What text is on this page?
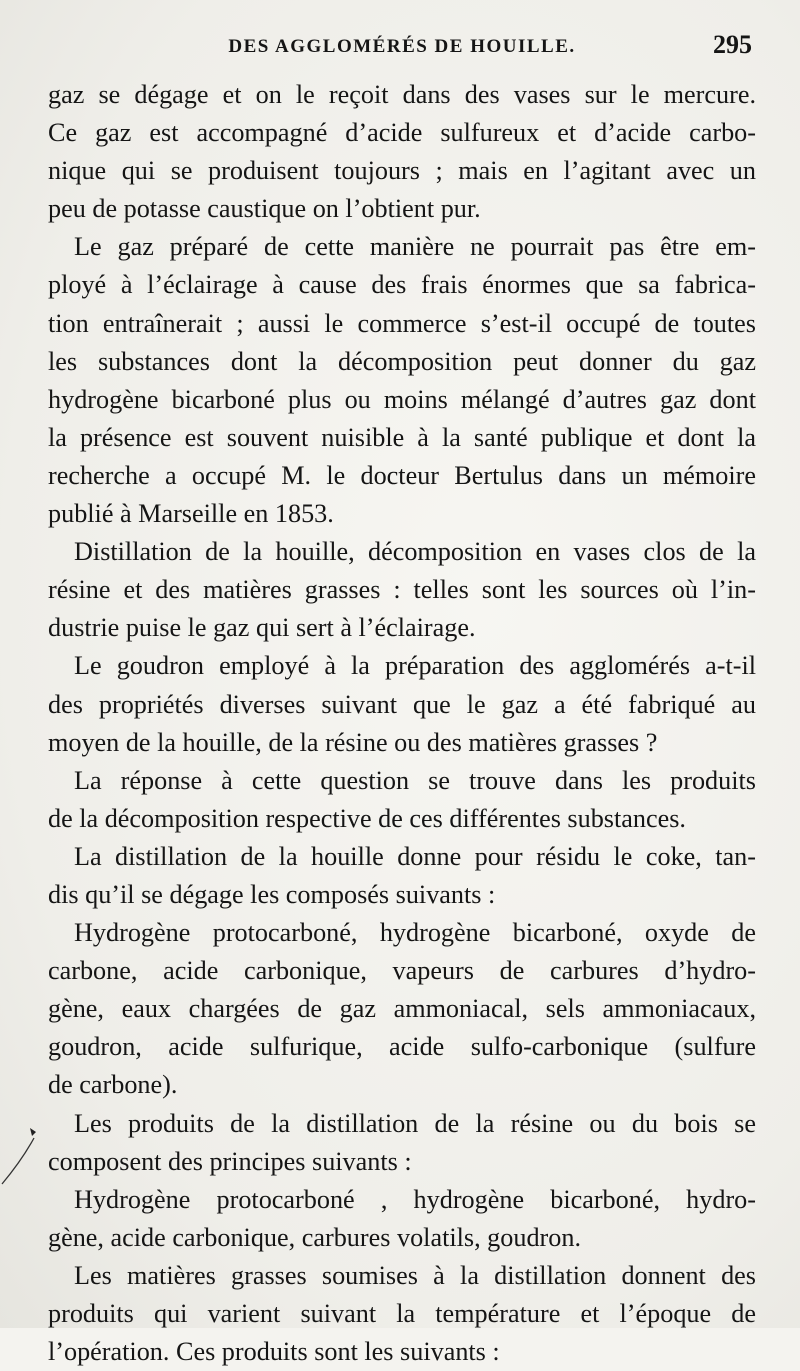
DES AGGLOMÉRÉS DE HOUILLE.	295
gaz se dégage et on le reçoit dans des vases sur le mercure.
Ce gaz est accompagné d’acide sulfureux et d’acide carbo-
nique qui se produisent toujours ; mais en l’agitant avec un
peu de potasse caustique on l’obtient pur.
Le gaz préparé de cette manière ne pourrait pas être em-
ployé à l’éclairage à cause des frais énormes que sa fabrica-
tion entraînerait ; aussi le commerce s’est-il occupé de toutes
les substances dont la décomposition peut donner du gaz
hydrogène bicarboné plus ou moins mélangé d’autres gaz dont
la présence est souvent nuisible à la santé publique et dont la
recherche a occupé M. le docteur Bertulus dans un mémoire
publié à Marseille en 1853.
Distillation de la houille, décomposition en vases clos de la
résine et des matières grasses : telles sont les sources où l’in-
dustrie puise le gaz qui sert à l’éclairage.
Le goudron employé à la préparation des agglomérés a-t-il
des propriétés diverses suivant que le gaz a été fabriqué au
moyen de la houille, de la résine ou des matières grasses ?
La réponse à cette question se trouve dans les produits
de la décomposition respective de ces différentes substances.
La distillation de la houille donne pour résidu le coke, tan-
dis qu’il se dégage les composés suivants :
Hydrogène protocarboné, hydrogène bicarboné, oxyde de
carbone, acide carbonique, vapeurs de carbures d’hydro-
gène, eaux chargées de gaz ammoniacal, sels ammoniacaux,
goudron, acide sulfurique, acide sulfo-carbonique (sulfure
de carbone).
Les produits de la distillation de la résine ou du bois se
composent des principes suivants :
Hydrogène protocarboné , hydrogène bicarboné, hydro-
gène, acide carbonique, carbures volatils, goudron.
Les matières grasses soumises à la distillation donnent des
produits qui varient suivant la température et l’époque de
l’opération. Ces produits sont les suivants :
